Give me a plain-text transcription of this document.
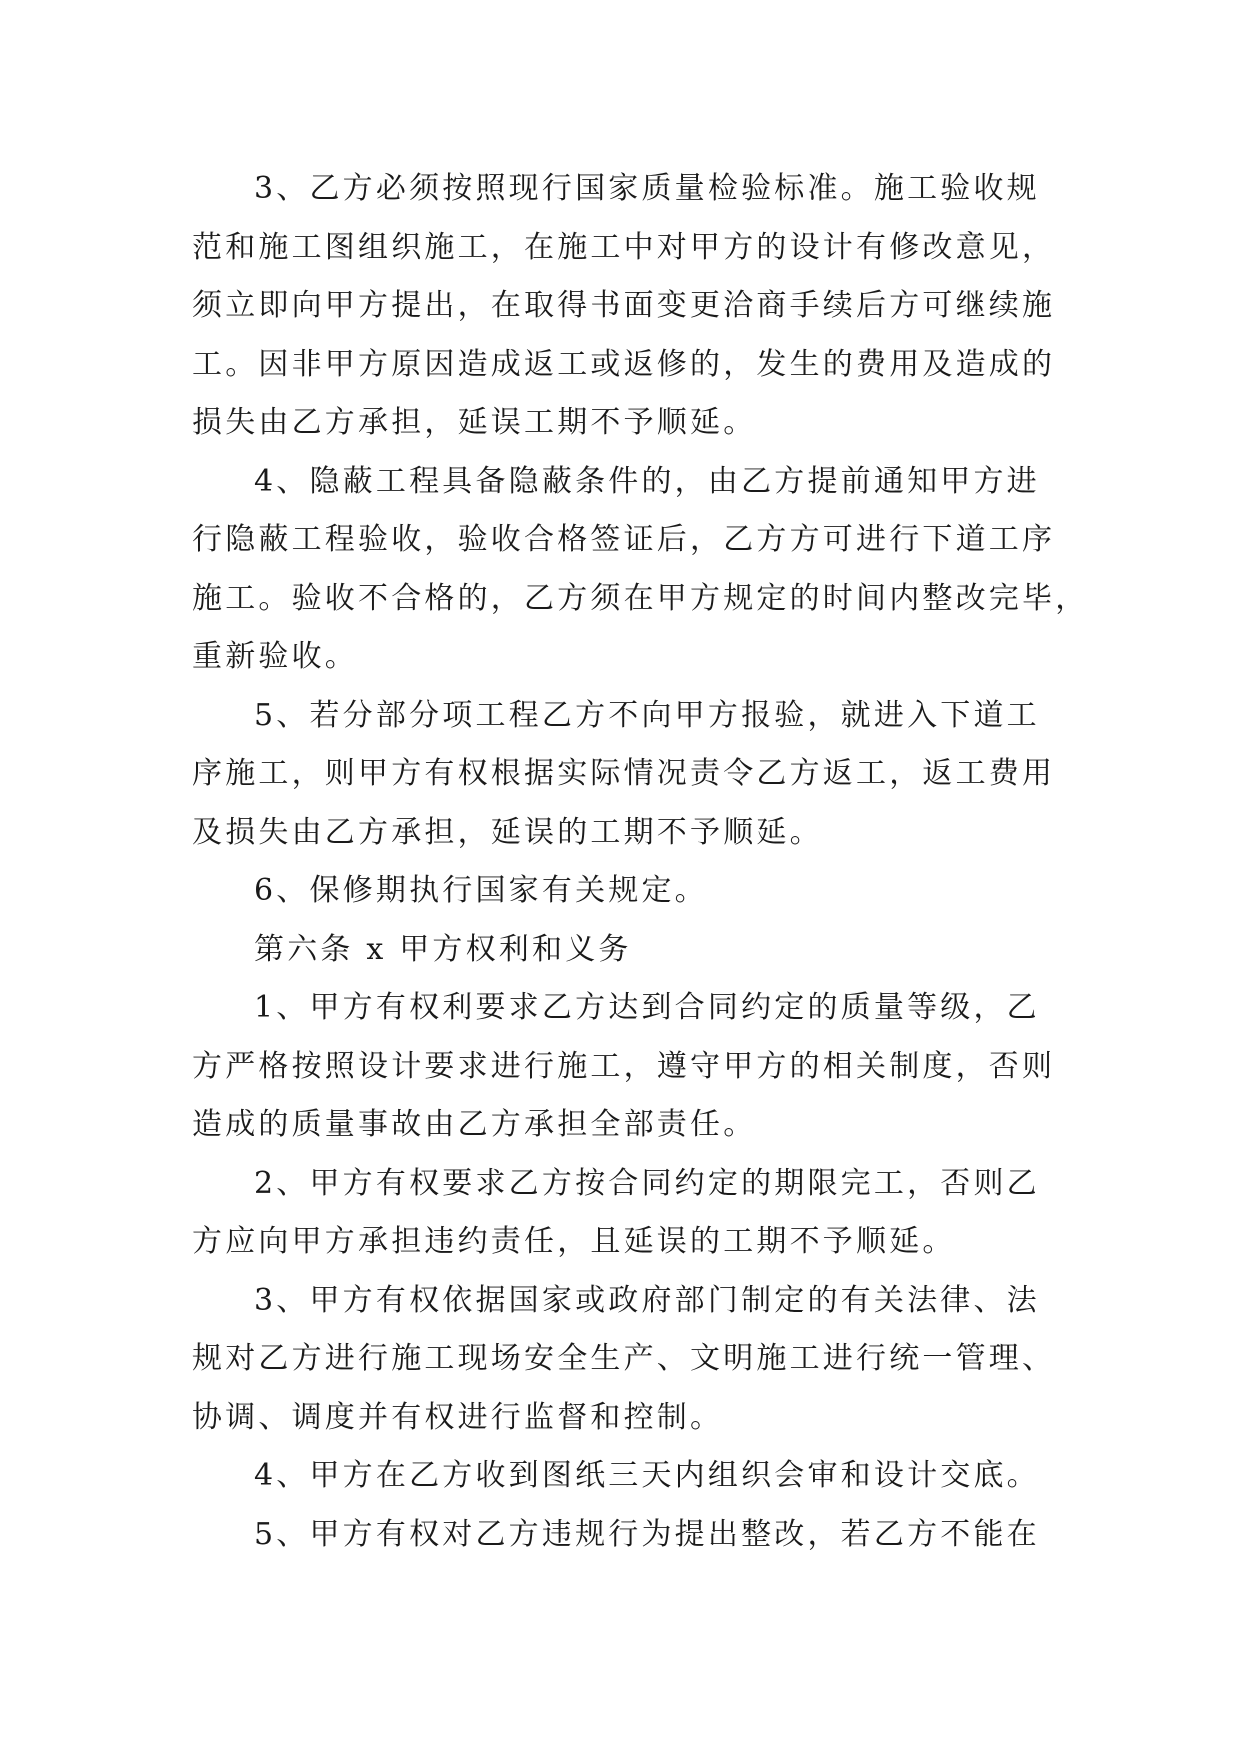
3、乙方必须按照现行国家质量检验标准。施工验收规
范和施工图组织施工，在施工中对甲方的设计有修改意见，
须立即向甲方提出，在取得书面变更洽商手续后方可继续施
工。因非甲方原因造成返工或返修的，发生的费用及造成的
损失由乙方承担，延误工期不予顺延。
4、隐蔽工程具备隐蔽条件的，由乙方提前通知甲方进
行隐蔽工程验收，验收合格签证后，乙方方可进行下道工序
施工。验收不合格的，乙方须在甲方规定的时间内整改完毕，
重新验收。
5、若分部分项工程乙方不向甲方报验，就进入下道工
序施工，则甲方有权根据实际情况责令乙方返工，返工费用
及损失由乙方承担，延误的工期不予顺延。
6、保修期执行国家有关规定。
第六条 x 甲方权利和义务
1、甲方有权利要求乙方达到合同约定的质量等级，乙
方严格按照设计要求进行施工，遵守甲方的相关制度，否则
造成的质量事故由乙方承担全部责任。
2、甲方有权要求乙方按合同约定的期限完工，否则乙
方应向甲方承担违约责任，且延误的工期不予顺延。
3、甲方有权依据国家或政府部门制定的有关法律、法
规对乙方进行施工现场安全生产、文明施工进行统一管理、
协调、调度并有权进行监督和控制。
4、甲方在乙方收到图纸三天内组织会审和设计交底。
5、甲方有权对乙方违规行为提出整改，若乙方不能在
